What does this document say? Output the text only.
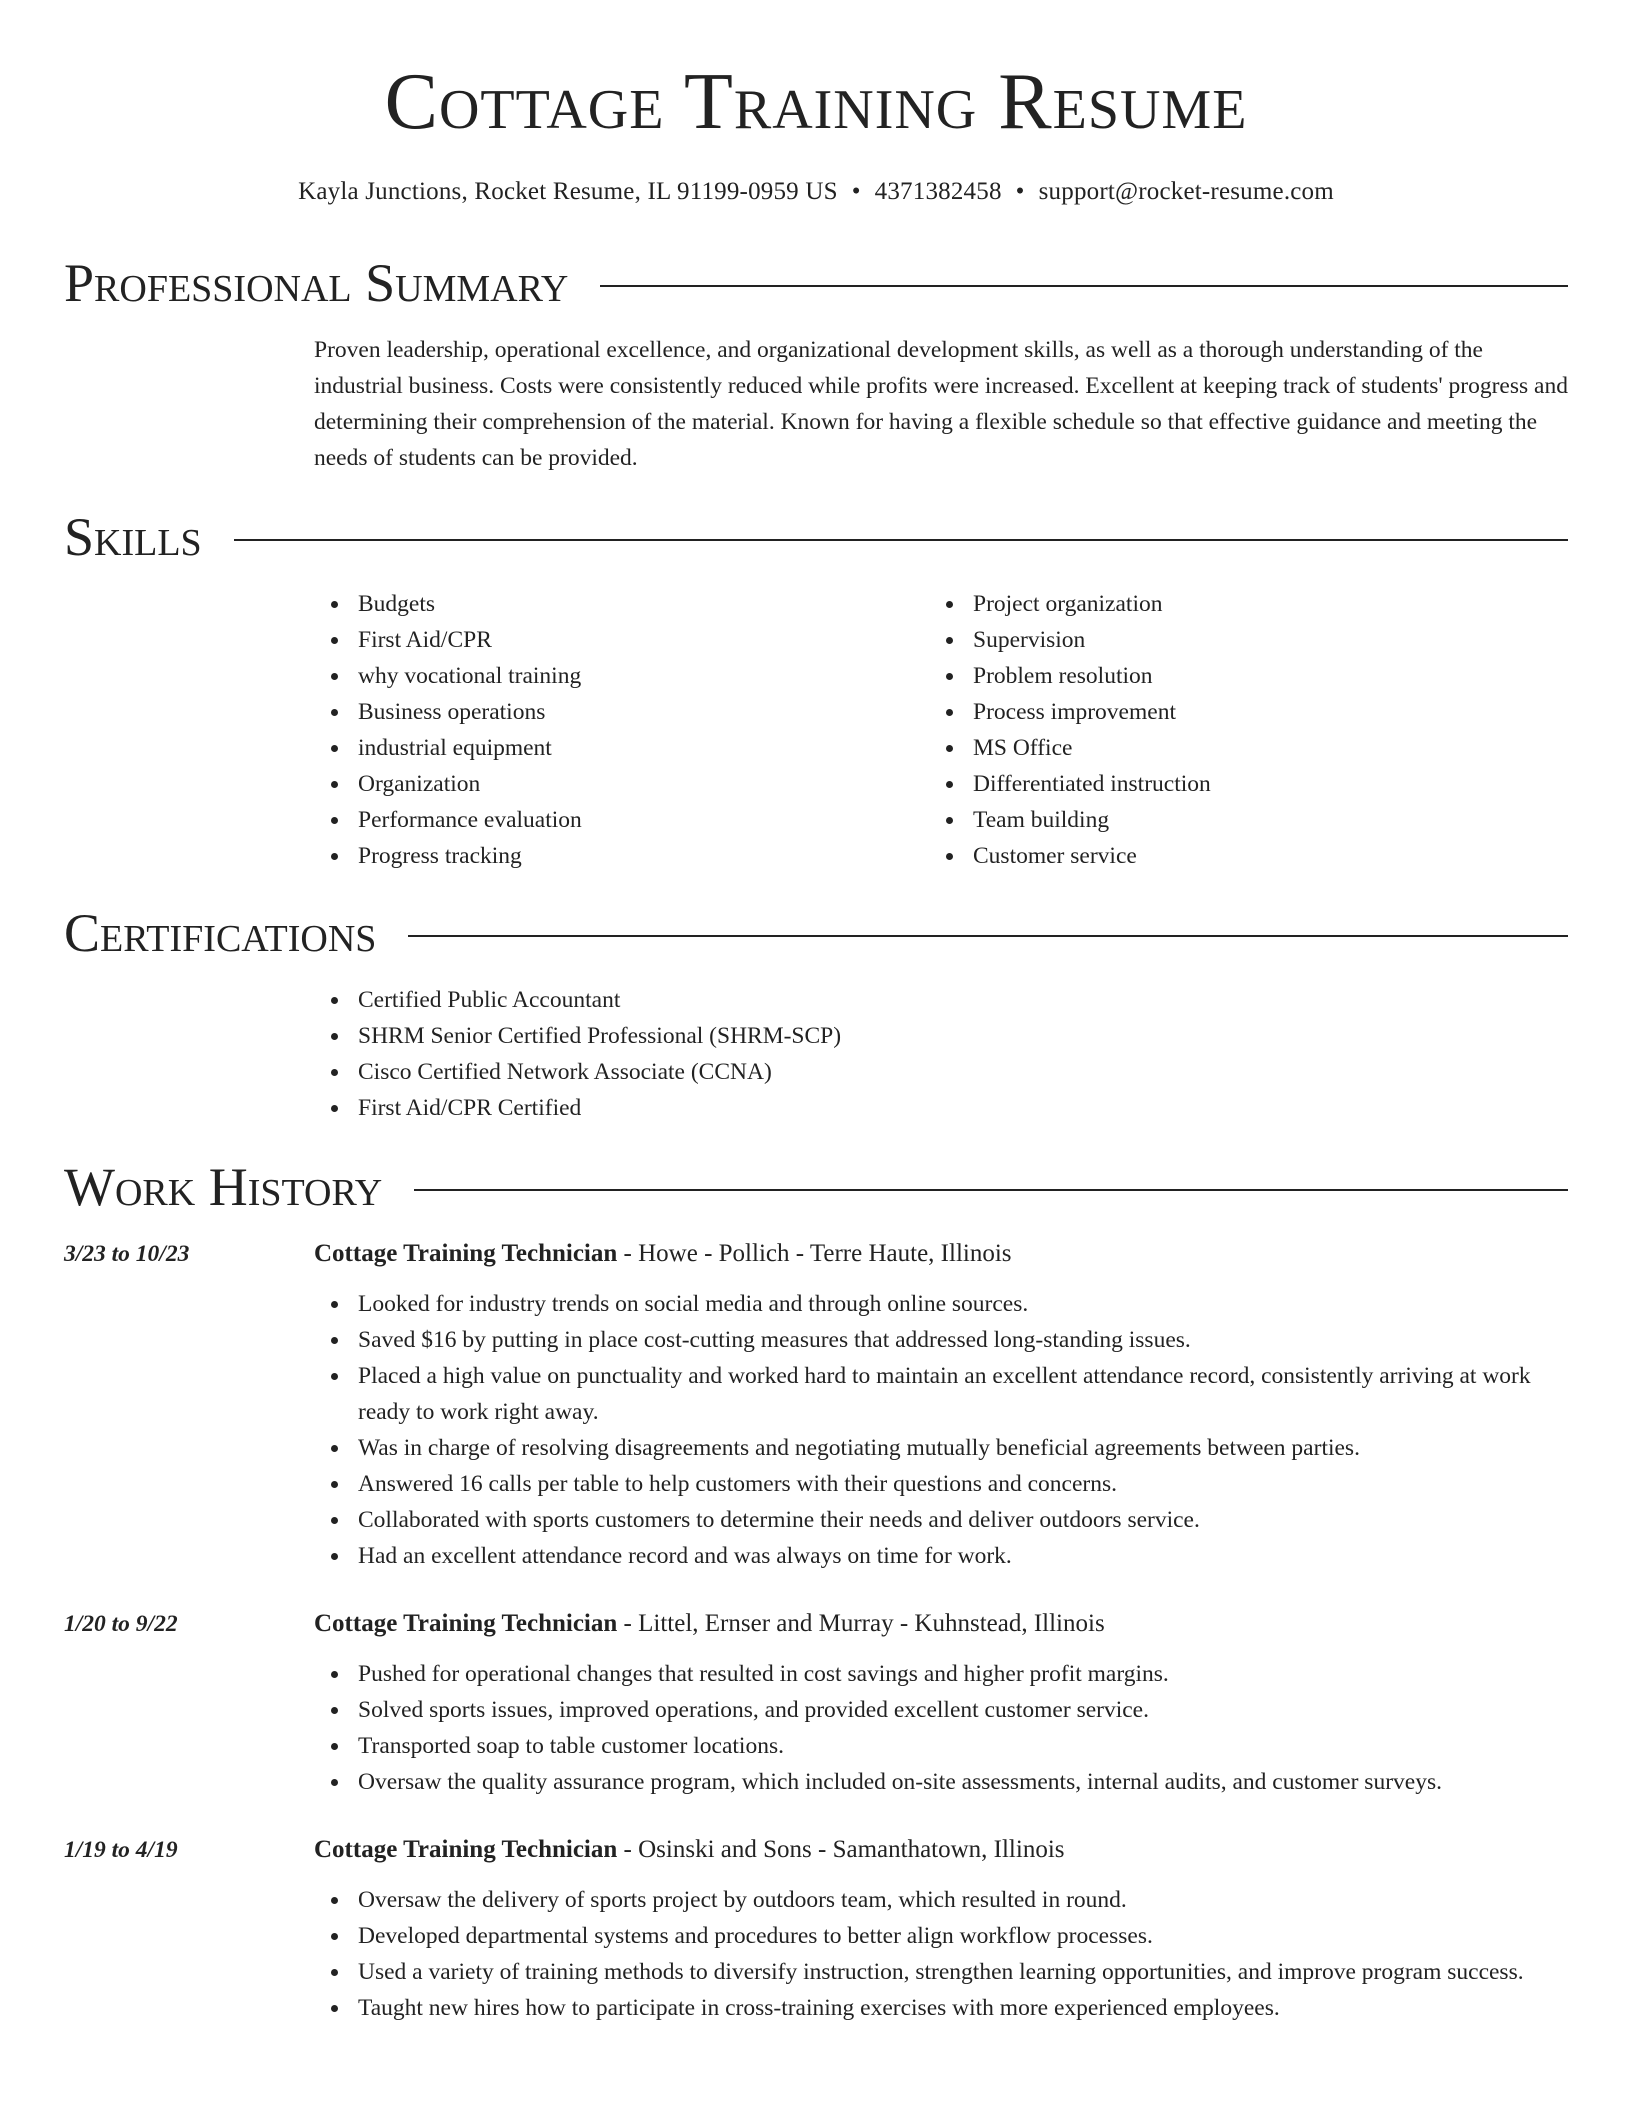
Cottage Training Resume
Kayla Junctions, Rocket Resume, IL 91199-0959 US • 4371382458 • support@rocket-resume.com
Professional Summary

Proven leadership, operational excellence, and organizational development skills, as well as a thorough understanding of the industrial business. Costs were consistently reduced while profits were increased. Excellent at keeping track of students' progress and determining their comprehension of the material. Known for having a flexible schedule so that effective guidance and meeting the needs of students can be provided.

Skills
Budgets
First Aid/CPR
why vocational training
Business operations
industrial equipment
Organization
Performance evaluation
Progress tracking
Project organization
Supervision
Problem resolution
Process improvement
MS Office
Differentiated instruction
Team building
Customer service
Certifications
Certified Public Accountant
SHRM Senior Certified Professional (SHRM-SCP)
Cisco Certified Network Associate (CCNA)
First Aid/CPR Certified
Work History
3/23 to 10/23	Cottage Training Technician - Howe - Pollich - Terre Haute, Illinois
Looked for industry trends on social media and through online sources.
Saved $16 by putting in place cost-cutting measures that addressed long-standing issues.
Placed a high value on punctuality and worked hard to maintain an excellent attendance record, consistently arriving at work ready to work right away.
Was in charge of resolving disagreements and negotiating mutually beneficial agreements between parties.
Answered 16 calls per table to help customers with their questions and concerns.
Collaborated with sports customers to determine their needs and deliver outdoors service.
Had an excellent attendance record and was always on time for work.
1/20 to 9/22	Cottage Training Technician - Littel, Ernser and Murray - Kuhnstead, Illinois
Pushed for operational changes that resulted in cost savings and higher profit margins.
Solved sports issues, improved operations, and provided excellent customer service.
Transported soap to table customer locations.
Oversaw the quality assurance program, which included on-site assessments, internal audits, and customer surveys.
1/19 to 4/19	Cottage Training Technician - Osinski and Sons - Samanthatown, Illinois
Oversaw the delivery of sports project by outdoors team, which resulted in round.
Developed departmental systems and procedures to better align workflow processes.
Used a variety of training methods to diversify instruction, strengthen learning opportunities, and improve program success.
Taught new hires how to participate in cross-training exercises with more experienced employees.
